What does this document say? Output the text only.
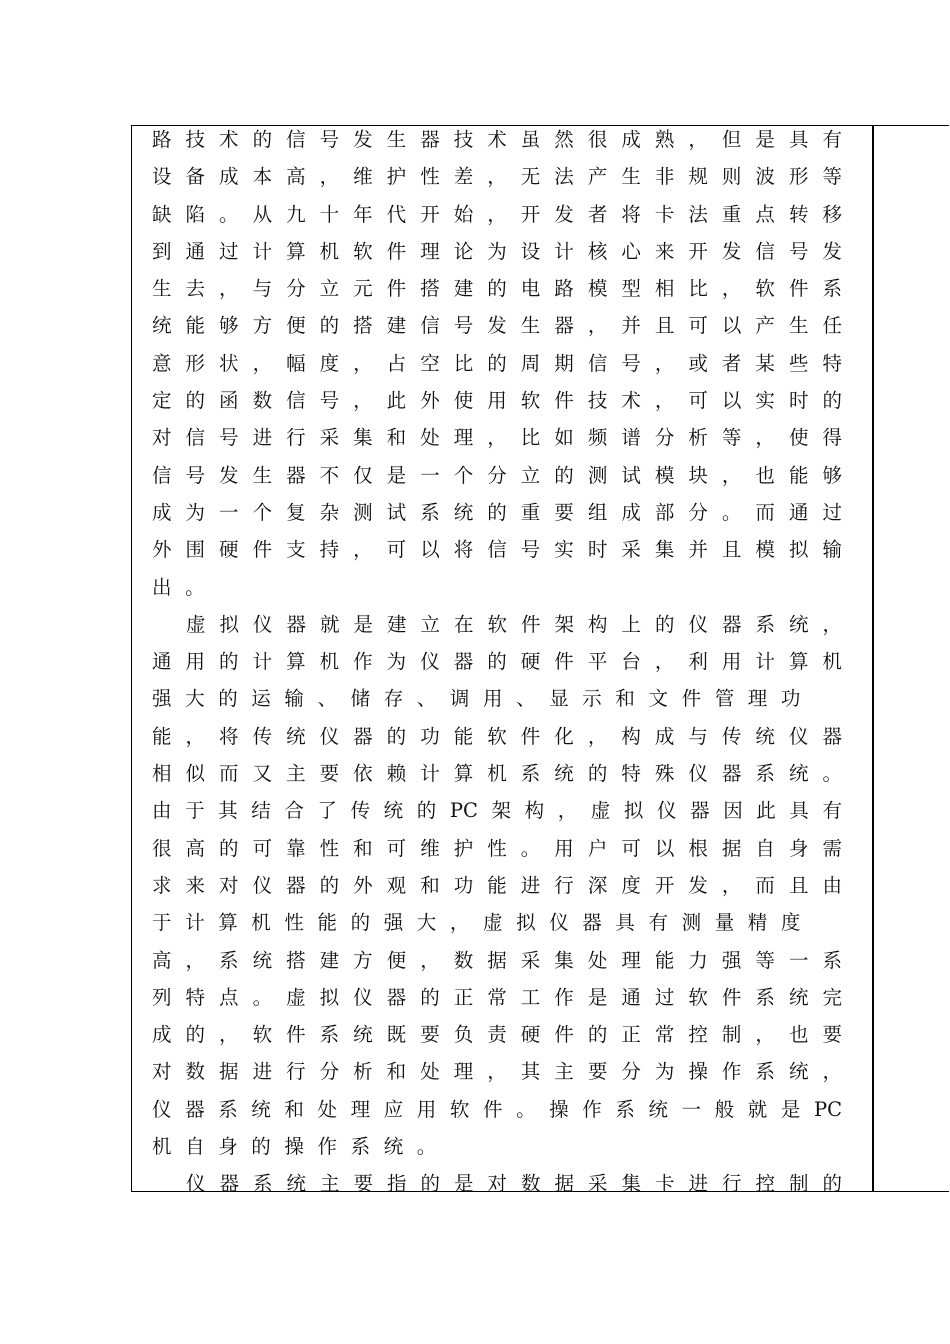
路技术的信号发生器技术虽然很成熟，但是具有
设备成本高，维护性差，无法产生非规则波形等
缺陷。从九十年代开始，开发者将卡法重点转移
到通过计算机软件理论为设计核心来开发信号发
生去，与分立元件搭建的电路模型相比，软件系
统能够方便的搭建信号发生器，并且可以产生任
意形状，幅度，占空比的周期信号，或者某些特
定的函数信号，此外使用软件技术，可以实时的
对信号进行采集和处理，比如频谱分析等，使得
信号发生器不仅是一个分立的测试模块，也能够
成为一个复杂测试系统的重要组成部分。而通过
外围硬件支持，可以将信号实时采集并且模拟输
出。
虚拟仪器就是建立在软件架构上的仪器系统，
通用的计算机作为仪器的硬件平台，利用计算机
强大的运输、储存、调用、显示和文件管理功
能，将传统仪器的功能软件化，构成与传统仪器
相似而又主要依赖计算机系统的特殊仪器系统。
由于其结合了传统的PC架构，虚拟仪器因此具有
很高的可靠性和可维护性。用户可以根据自身需
求来对仪器的外观和功能进行深度开发，而且由
于计算机性能的强大，虚拟仪器具有测量精度
高，系统搭建方便，数据采集处理能力强等一系
列特点。虚拟仪器的正常工作是通过软件系统完
成的，软件系统既要负责硬件的正常控制，也要
对数据进行分析和处理，其主要分为操作系统，
仪器系统和处理应用软件。操作系统一般就是PC
机自身的操作系统。
仪器系统主要指的是对数据采集卡进行控制的
